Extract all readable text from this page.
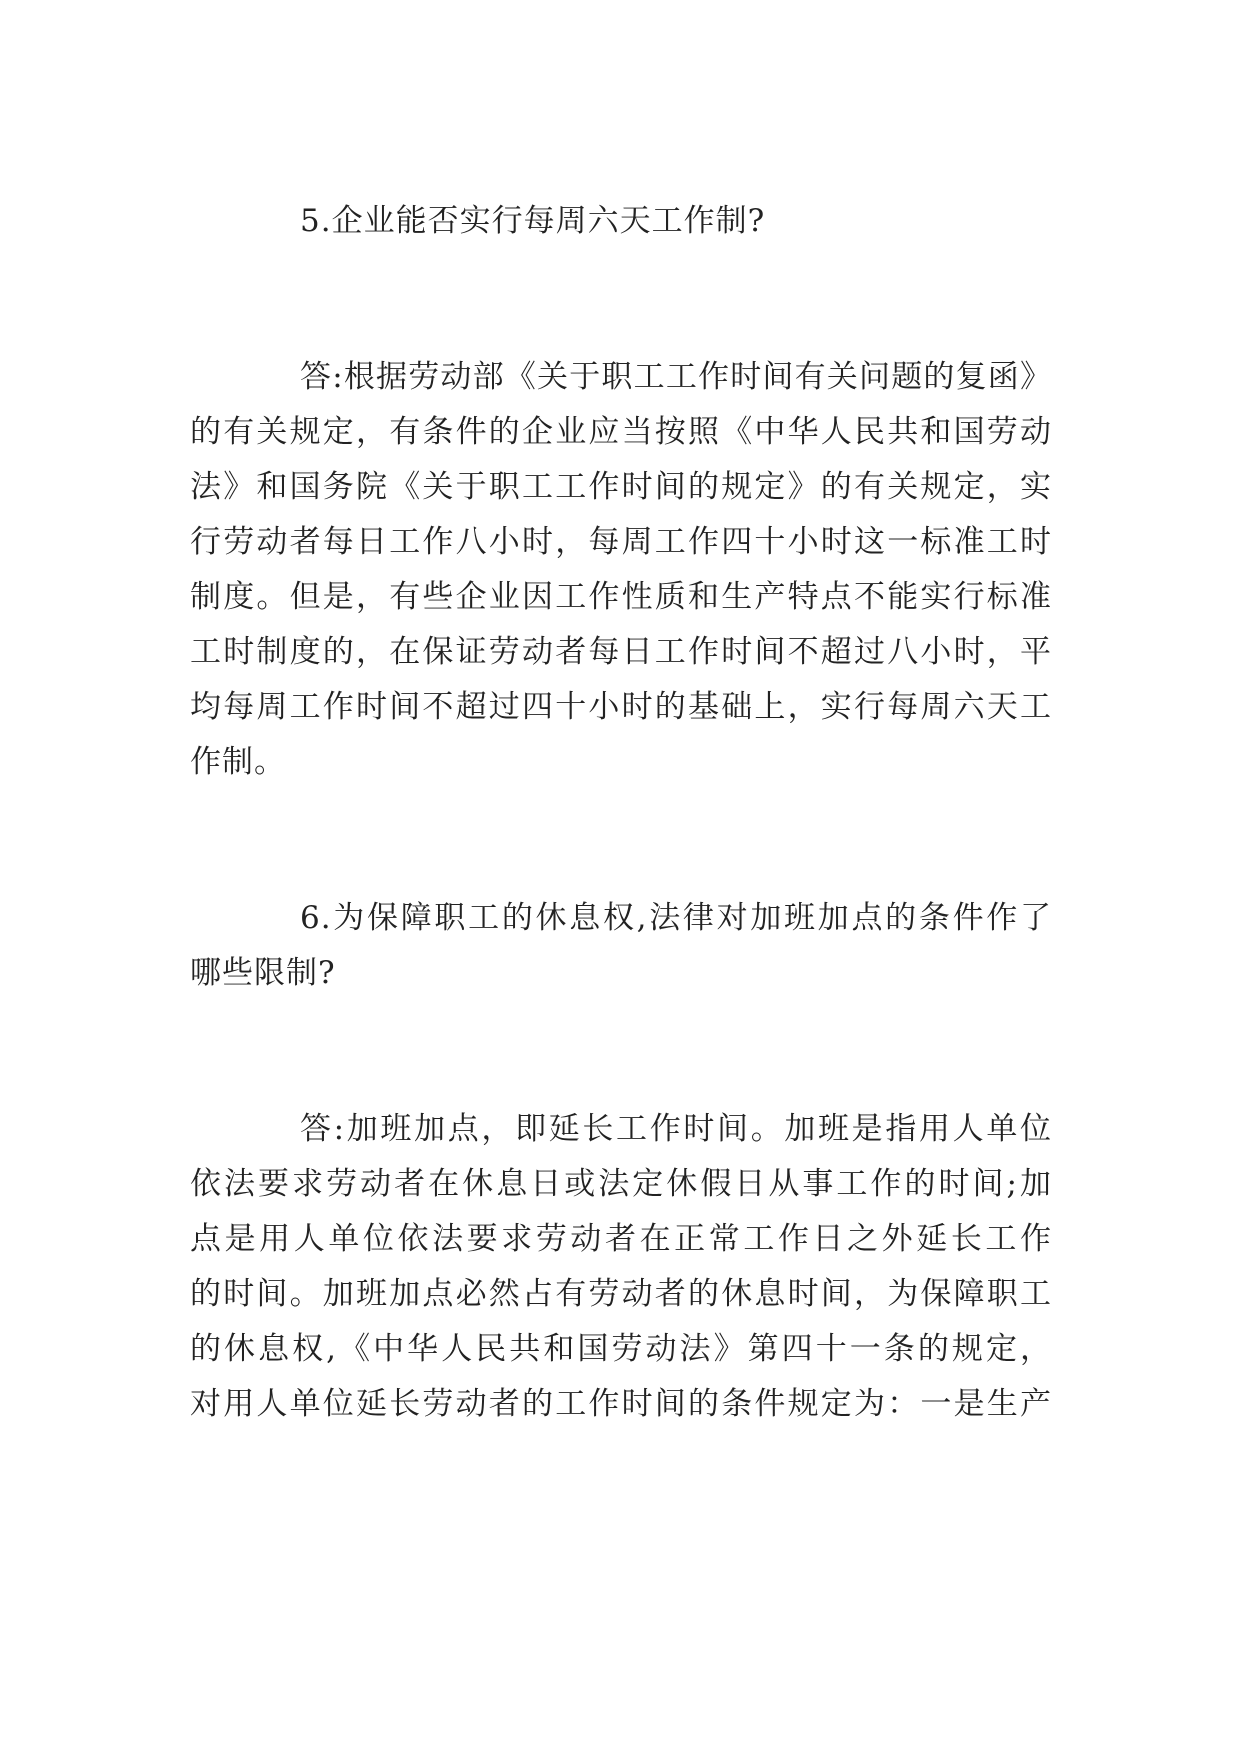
5.企业能否实行每周六天工作制?
答:根据劳动部《关于职工工作时间有关问题的复函》
的有关规定，有条件的企业应当按照《中华人民共和国劳动
法》和国务院《关于职工工作时间的规定》的有关规定，实
行劳动者每日工作八小时，每周工作四十小时这一标准工时
制度。但是，有些企业因工作性质和生产特点不能实行标准
工时制度的，在保证劳动者每日工作时间不超过八小时，平
均每周工作时间不超过四十小时的基础上，实行每周六天工
作制。
6.为保障职工的休息权,法律对加班加点的条件作了
哪些限制?
答:加班加点，即延长工作时间。加班是指用人单位
依法要求劳动者在休息日或法定休假日从事工作的时间;加
点是用人单位依法要求劳动者在正常工作日之外延长工作
的时间。加班加点必然占有劳动者的休息时间，为保障职工
的休息权,《中华人民共和国劳动法》第四十一条的规定，
对用人单位延长劳动者的工作时间的条件规定为：一是生产
